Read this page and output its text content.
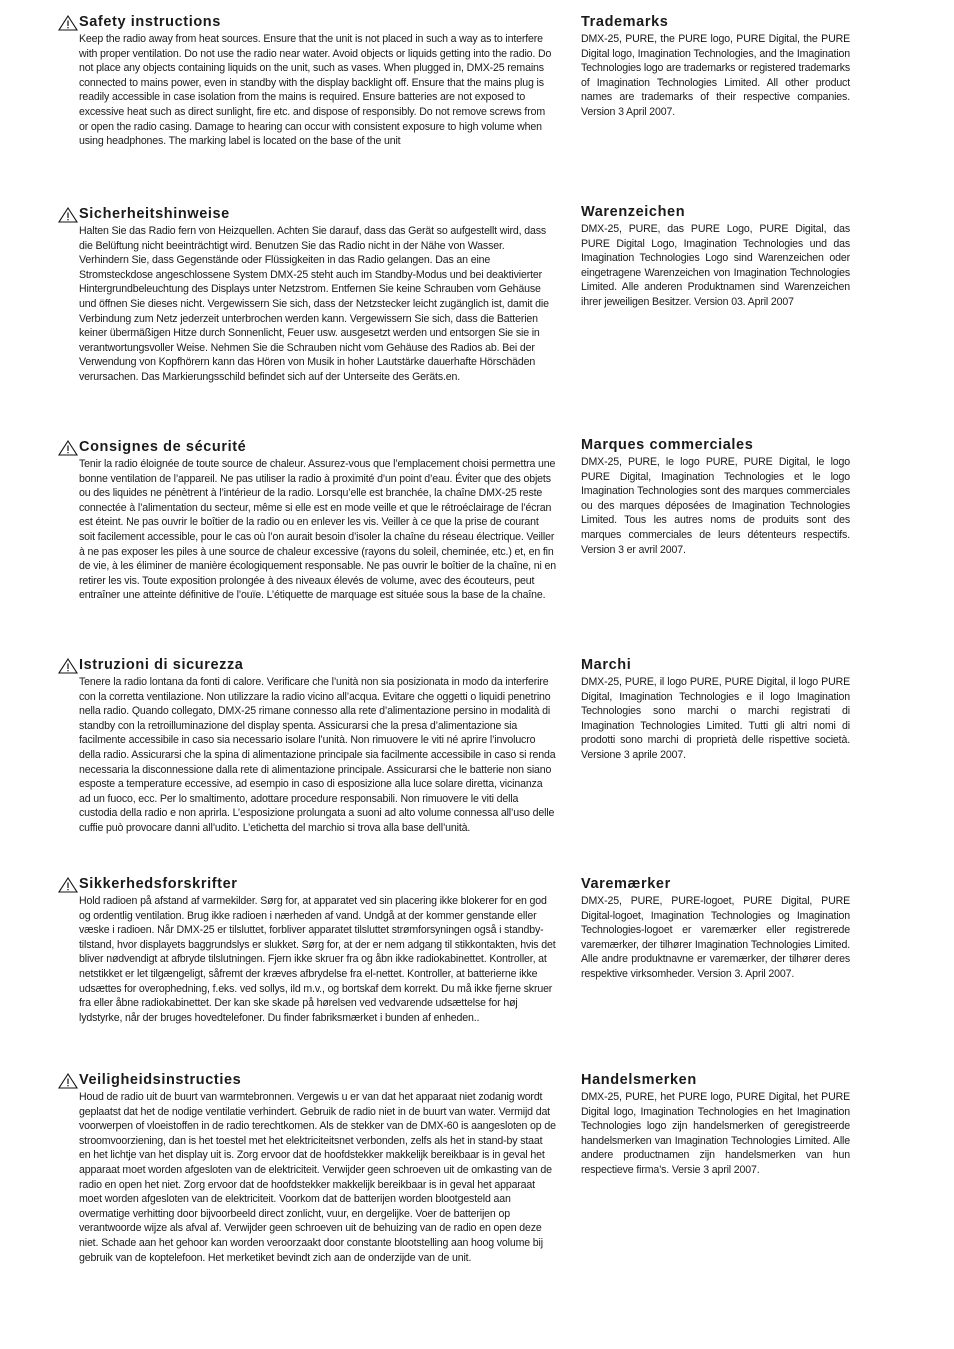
Safety instructions
Keep the radio away from heat sources. Ensure that the unit is not placed in such a way as to interfere with proper ventilation. Do not use the radio near water. Avoid objects or liquids getting into the radio. Do not place any objects containing liquids on the unit, such as vases. When plugged in, DMX-25 remains connected to mains power, even in standby with the display backlight off. Ensure that the mains plug is readily accessible in case isolation from the mains is required. Ensure batteries are not exposed to excessive heat such as direct sunlight, fire etc. and dispose of responsibly. Do not remove screws from or open the radio casing. Damage to hearing can occur with consistent exposure to high volume when using headphones. The marking label is located on the base of the unit
Sicherheitshinweise
Halten Sie das Radio fern von Heizquellen. Achten Sie darauf, dass das Gerät so aufgestellt wird, dass die Belüftung nicht beeinträchtigt wird. Benutzen Sie das Radio nicht in der Nähe von Wasser. Verhindern Sie, dass Gegenstände oder Flüssigkeiten in das Radio gelangen. Das an eine Stromsteckdose angeschlossene System DMX-25 steht auch im Standby-Modus und bei deaktivierter Hintergrundbeleuchtung des Displays unter Netzstrom. Entfernen Sie keine Schrauben vom Gehäuse und öffnen Sie dieses nicht. Vergewissern Sie sich, dass der Netzstecker leicht zugänglich ist, damit die Verbindung zum Netz jederzeit unterbrochen werden kann. Vergewissern Sie sich, dass die Batterien keiner übermäßigen Hitze durch Sonnenlicht, Feuer usw. ausgesetzt werden und entsorgen Sie sie in verantwortungsvoller Weise. Nehmen Sie die Schrauben nicht vom Gehäuse des Radios ab. Bei der Verwendung von Kopfhörern kann das Hören von Musik in hoher Lautstärke dauerhafte Hörschäden verursachen. Das Markierungsschild befindet sich auf der Unterseite des Geräts.en.
Consignes de sécurité
Tenir la radio éloignée de toute source de chaleur. Assurez-vous que l’emplacement choisi permettra une bonne ventilation de l’appareil. Ne pas utiliser la radio à proximité d’un point d’eau. Éviter que des objets ou des liquides ne pénètrent à l’intérieur de la radio. Lorsqu’elle est branchée, la chaîne DMX-25 reste connectée à l’alimentation du secteur, même si elle est en mode veille et que le rétroéclairage de l’écran est éteint. Ne pas ouvrir le boîtier de la radio ou en enlever les vis. Veiller à ce que la prise de courant soit facilement accessible, pour le cas où l’on aurait besoin d’isoler la chaîne du réseau électrique. Veiller à ne pas exposer les piles à une source de chaleur excessive (rayons du soleil, cheminée, etc.) et, en fin de vie, à les éliminer de manière écologiquement responsable. Ne pas ouvrir le boîtier de la chaîne, ni en retirer les vis. Toute exposition prolongée à des niveaux élevés de volume, avec des écouteurs, peut entraîner une atteinte définitive de l’ouïe. L’étiquette de marquage est située sous la base de la chaîne.
Istruzioni di sicurezza
Tenere la radio lontana da fonti di calore. Verificare che l’unità non sia posizionata in modo da interferire con la corretta ventilazione. Non utilizzare la radio vicino all’acqua. Evitare che oggetti o liquidi penetrino nella radio. Quando collegato, DMX-25 rimane connesso alla rete d’alimentazione persino in modalità di standby con la retroilluminazione del display spenta. Assicurarsi che la presa d’alimentazione sia facilmente accessibile in caso sia necessario isolare l’unità. Non rimuovere le viti né aprire l’involucro della radio. Assicurarsi che la spina di alimentazione principale sia facilmente accessibile in caso si renda necessaria la disconnessione dalla rete di alimentazione principale. Assicurarsi che le batterie non siano esposte a temperature eccessive, ad esempio in caso di esposizione alla luce solare diretta, vicinanza ad un fuoco, ecc. Per lo smaltimento, adottare procedure responsabili. Non rimuovere le viti della custodia della radio e non aprirla. L’esposizione prolungata a suoni ad alto volume connessa all’uso delle cuffie può provocare danni all’udito. L’etichetta del marchio si trova alla base dell’unità.
Sikkerhedsforskrifter
Hold radioen på afstand af varmekilder. Sørg for, at apparatet ved sin placering ikke blokerer for en god og ordentlig ventilation. Brug ikke radioen i nærheden af vand. Undgå at der kommer genstande eller væske i radioen. Når DMX-25 er tilsluttet, forbliver apparatet tilsluttet strømforsyningen også i standby-tilstand, hvor displayets baggrundslys er slukket. Sørg for, at der er nem adgang til stikkontakten, hvis det bliver nødvendigt at afbryde tilslutningen. Fjern ikke skruer fra og åbn ikke radiokabinettet. Kontroller, at netstikket er let tilgængeligt, såfremt der kræves afbrydelse fra el-nettet. Kontroller, at batterierne ikke udsættes for overophedning, f.eks. ved sollys, ild m.v., og bortskaf dem korrekt. Du må ikke fjerne skruer fra eller åbne radiokabinettet. Der kan ske skade på hørelsen ved vedvarende udsættelse for høj lydstyrke, når der bruges hovedtelefoner. Du finder fabriksmærket i bunden af enheden..
Veiligheidsinstructies
Houd de radio uit de buurt van warmtebronnen. Vergewis u er van dat het apparaat niet zodanig wordt geplaatst dat het de nodige ventilatie verhindert. Gebruik de radio niet in de buurt van water. Vermijd dat voorwerpen of vloeistoffen in de radio terechtkomen. Als de stekker van de DMX-60 is aangesloten op de stroomvoorziening, dan is het toestel met het elektriciteitsnet verbonden, zelfs als het in stand-by staat en het lichtje van het display uit is. Zorg ervoor dat de hoofdstekker makkelijk bereikbaar is in geval het apparaat moet worden afgesloten van de elektriciteit. Verwijder geen schroeven uit de omkasting van de radio en open het niet. Zorg ervoor dat de hoofdstekker makkelijk bereikbaar is in geval het apparaat moet worden afgesloten van de elektriciteit. Voorkom dat de batterijen worden blootgesteld aan overmatige verhitting door bijvoorbeeld direct zonlicht, vuur, en dergelijke. Voer de batterijen op verantwoorde wijze als afval af. Verwijder geen schroeven uit de behuizing van de radio en open deze niet. Schade aan het gehoor kan worden veroorzaakt door constante blootstelling aan hoog volume bij gebruik van de koptelefoon. Het merketiket bevindt zich aan de onderzijde van de unit.
Trademarks
DMX-25, PURE, the PURE logo, PURE Digital, the PURE Digital logo, Imagination Technologies, and the Imagination Technologies logo are trademarks or registered trademarks of Imagination Technologies Limited. All other product names are trademarks of their respective companies. Version 3 April 2007.
Warenzeichen
DMX-25, PURE, das PURE Logo, PURE Digital, das PURE Digital Logo, Imagination Technologies und das Imagination Technologies Logo sind Warenzeichen oder eingetragene Warenzeichen von Imagination Technologies Limited. Alle anderen Produktnamen sind Warenzeichen ihrer jeweiligen Besitzer. Version 03. April 2007
Marques commerciales
DMX-25, PURE, le logo PURE, PURE Digital, le logo PURE Digital, Imagination Technologies et le logo Imagination Technologies sont des marques commerciales ou des marques déposées de Imagination Technologies Limited. Tous les autres noms de produits sont des marques commerciales de leurs détenteurs respectifs. Version 3 er avril 2007.
Marchi
DMX-25, PURE, il logo PURE, PURE Digital, il logo PURE Digital, Imagination Technologies e il logo Imagination Technologies sono marchi o marchi registrati di Imagination Technologies Limited. Tutti gli altri nomi di prodotti sono marchi di proprietà delle rispettive società. Versione 3 aprile 2007.
Varemærker
DMX-25, PURE, PURE-logoet, PURE Digital, PURE Digital-logoet, Imagination Technologies og Imagination Technologies-logoet er varemærker eller registrerede varemærker, der tilhører Imagination Technologies Limited. Alle andre produktnavne er varemærker, der tilhører deres respektive virksomheder. Version 3. April 2007.
Handelsmerken
DMX-25, PURE, het PURE logo, PURE Digital, het PURE Digital logo, Imagination Technologies en het Imagination Technologies logo zijn handelsmerken of geregistreerde handelsmerken van Imagination Technologies Limited. Alle andere productnamen zijn handelsmerken van hun respectieve firma’s. Versie 3 april 2007.
